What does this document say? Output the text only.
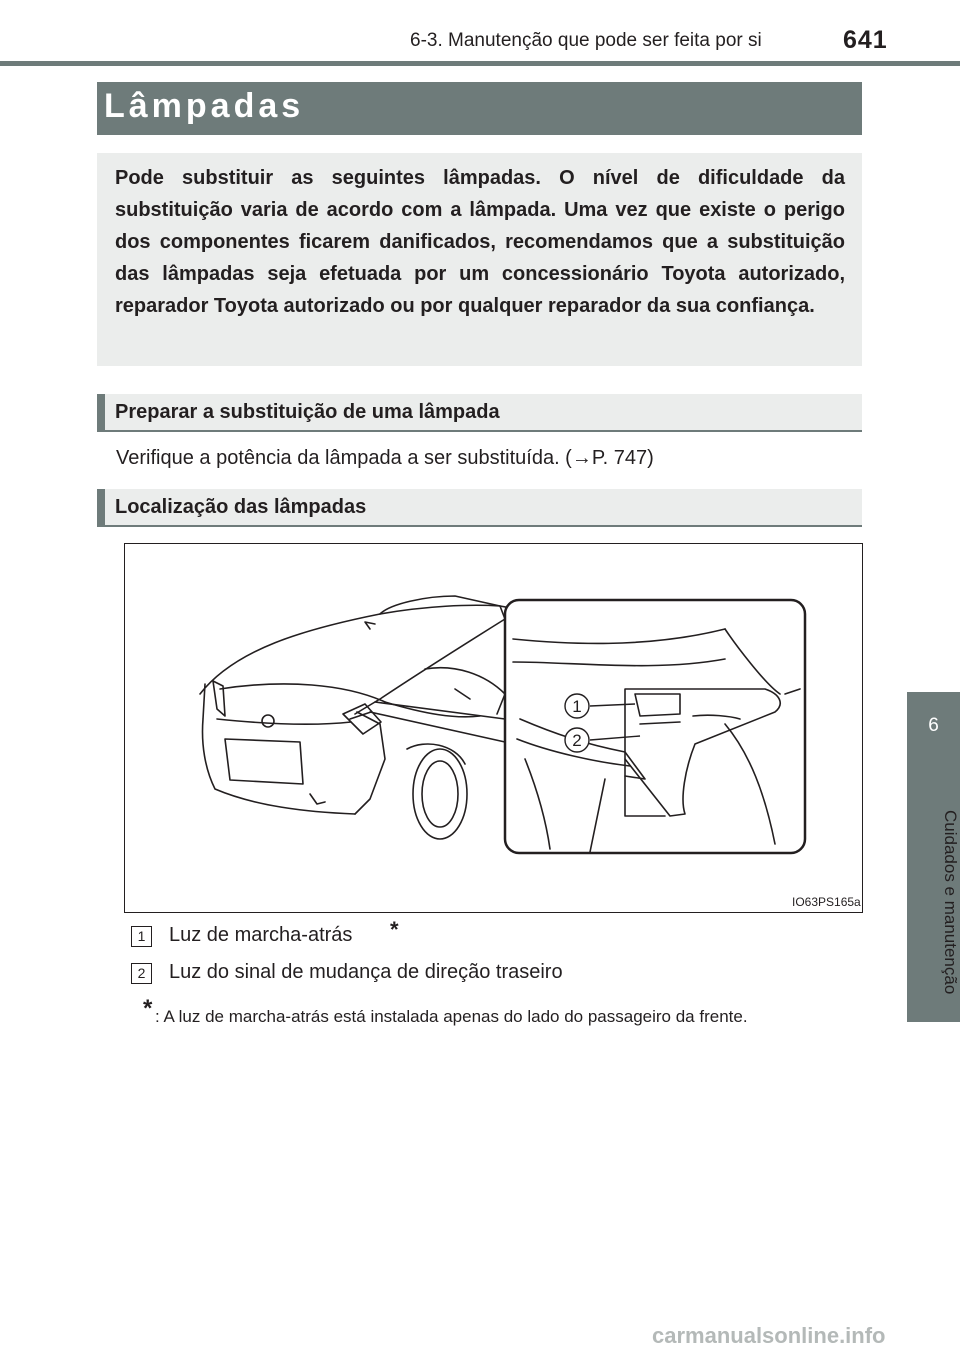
6-3. Manutenção que pode ser feita por si	641
6
Cuidados e manutenção
Lâmpadas
Pode substituir as seguintes lâmpadas. O nível de dificuldade da substituição varia de acordo com a lâmpada. Uma vez que existe o perigo dos componentes ficarem danificados, recomendamos que a substituição das lâmpadas seja efetuada por um concessionário Toyota autorizado, reparador Toyota autorizado ou por qualquer reparador da sua confiança.
Preparar a substituição de uma lâmpada
Verifique a potência da lâmpada a ser substituída. (→P. 747)
Localização das lâmpadas
1
2
IO63PS165a
1	Luz de marcha-atrás *
2	Luz do sinal de mudança de direção traseiro
* : A luz de marcha-atrás está instalada apenas do lado do passageiro da frente.
carmanualsonline.info
